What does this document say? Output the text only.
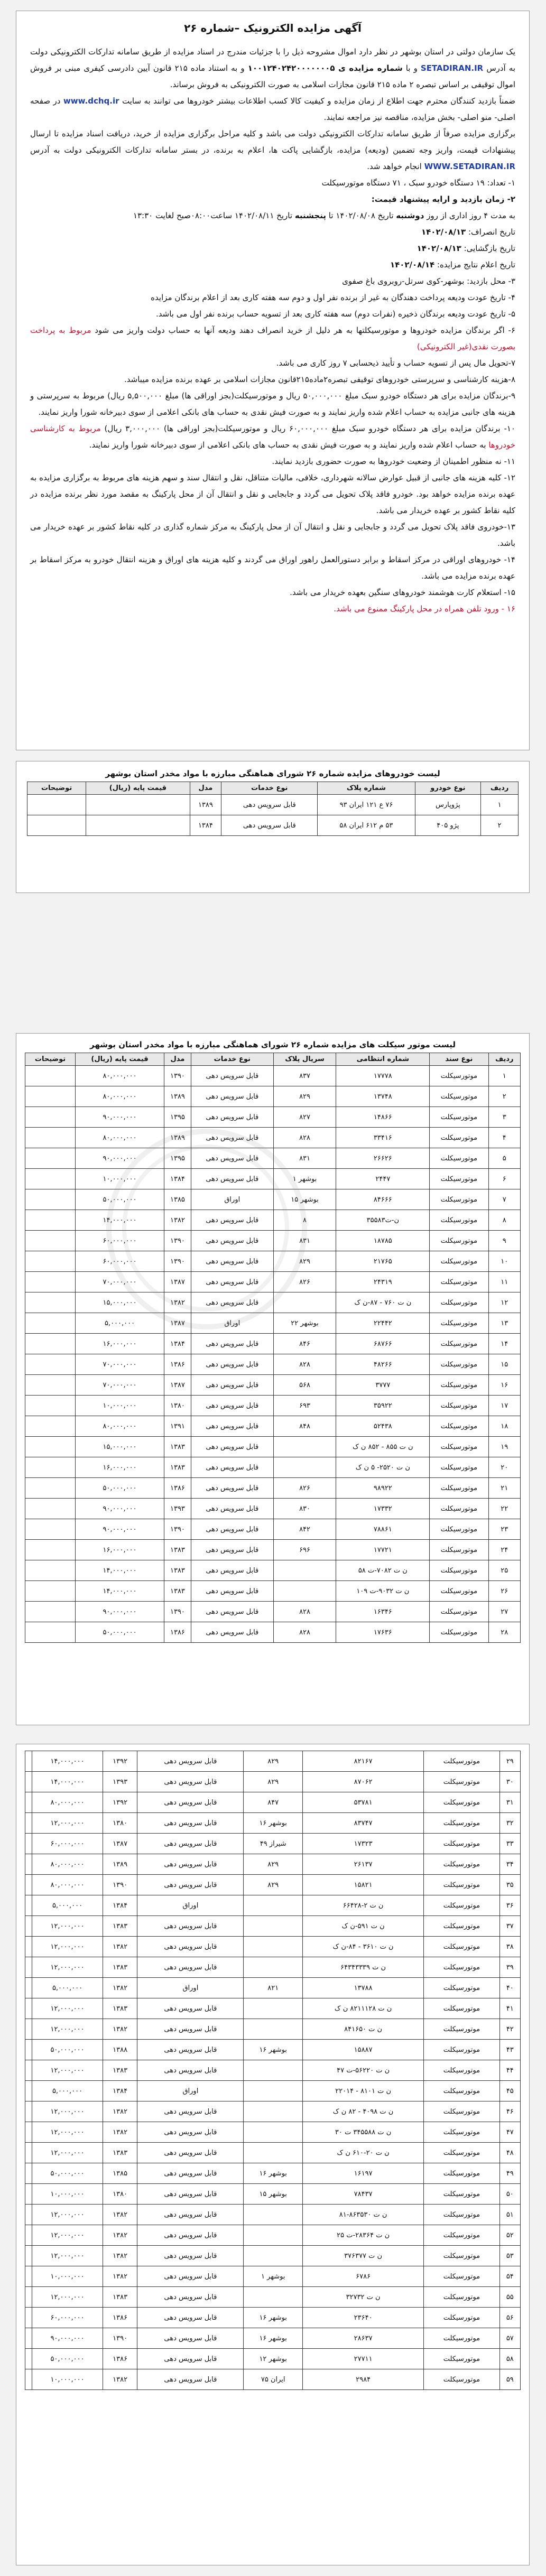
آگهی مزایده الکترونیک –شماره ۲۶

یک سازمان دولتی در استان بوشهر در نظر دارد اموال مشروحه ذیل را با جزئیات مندرج در اسناد مزایده از طریق سامانه تدارکات الکترونیکی دولت به آدرس SETADIRAN.IR و با شماره مزایده ی ۱۰۰۱۲۴۰۲۴۲۰۰۰۰۰۰۰۵ و به استناد ماده ۲۱۵ قانون آیین دادرسی کیفری مبنی بر فروش اموال توقیفی بر اساس تبصره ۲ ماده ۲۱۵ قانون مجازات اسلامی به صورت الکترونیکی به فروش برساند.

ضمناً بازدید کنندگان محترم جهت اطلاع از زمان مزایده و کیفیت کالا کسب اطلاعات بیشتر خودروها می توانند به سایت www.dchq.ir در صفحه اصلی- منو اصلی- بخش مزایده، مناقصه نیز مراجعه نمایند.

برگزاری مزایده صرفاً از طریق سامانه تدارکات الکترونیکی دولت می باشد و کلیه مراحل برگزاری مزایده از خرید، دریافت اسناد مزایده تا ارسال پیشنهادات قیمت، واریز وجه تضمین (ودیعه) مزایده، بازگشایی پاکت ها، اعلام به برنده، در بستر سامانه تدارکات الکترونیکی دولت به آدرس WWW.SETADIRAN.IR انجام خواهد شد.

۱- تعداد: ۱۹ دستگاه خودرو سبک ، ۷۱ دستگاه موتورسیکلت

۲- زمان بازدید و ارایه پیشنهاد قیمت:

به مدت ۴ روز اداری از روز دوشنبه تاریخ ۱۴۰۲/۰۸/۰۸ تا پنجشنبه تاریخ ۱۴۰۲/۰۸/۱۱ ساعت۰۸:۰۰صبح لغایت ۱۳:۳۰

تاریخ انصراف: ۱۴۰۲/۰۸/۱۳

تاریخ بازگشایی: ۱۴۰۲/۰۸/۱۳

تاریخ اعلام نتایج مزایده: ۱۴۰۲/۰۸/۱۴

۳- محل بازدید: بوشهر-کوی سرتل-روبروی باغ صفوی

۴- تاریخ عودت ودیعه پرداخت دهندگان به غیر از برنده نفر اول و دوم سه هفته کاری بعد از اعلام برندگان مزایده

۵- تاریخ عودت ودیعه برندگان ذخیره (نفرات دوم) سه هفته کاری بعد از تسویه حساب برنده نفر اول می باشد.

۶- اگر برندگان مزایده خودروها و موتورسیکلتها به هر دلیل از خرید انصراف دهند ودیعه آنها به حساب دولت واریز می شود مربوط به پرداخت بصورت نقدی(غیر الکترونیکی)

۷-تحویل مال پس از تسویه حساب و تأیید ذیحسابی ۷ روز کاری می باشد.

۸-هزینه کارشناسی و سرپرستی خودروهای توقیفی تبصره۲ماده۲۱۵قانون مجازات اسلامی بر عهده برنده مزایده میباشد.

۹-برندگان مزایده برای هر دستگاه خودرو سبک مبلغ ۵۰,۰۰۰,۰۰۰ ریال و موتورسیکلت(بجز اوراقی ها) مبلغ ۵,۵۰۰,۰۰۰ ریال) مربوط به سرپرستی و هزینه های جانبی مزایده به حساب اعلام شده واریز نمایند و به صورت فیش نقدی به حساب های بانکی اعلامی از سوی دبیرخانه شورا واریز نمایند.

۱۰- برندگان مزایده برای هر دستگاه خودرو سبک مبلغ ۶۰,۰۰۰,۰۰۰ ریال و موتورسیکلت(بجز اوراقی ها) ۳,۰۰۰,۰۰۰ ریال) مربوط به کارشناسی خودروها به حساب اعلام شده واریز نمایند و به صورت فیش نقدی به حساب های بانکی اعلامی از سوی دبیرخانه شورا واریز نمایند.

۱۱- نه منظور اطمینان از وضعیت خودروها به صورت حضوری بازدید نمایند.

۱۲- کلیه هزینه های جانبی از قبیل عوارض سالانه شهرداری، خلافی، مالیات متناقل، نقل و انتقال سند و سهم هزینه های مربوط به برگزاری مزایده به عهده برنده مزایده خواهد بود. خودرو فاقد پلاک تحویل می گردد و جابجایی و نقل و انتقال آن از محل پارکینگ به مقصد مورد نظر برنده مزایده در کلیه نقاط کشور بر عهده خریدار می باشد.

۱۳-خودروی فاقد پلاک تحویل می گردد و جابجایی و نقل و انتقال آن از محل پارکینگ به مرکز شماره گذاری در کلیه نقاط کشور بر عهده خریدار می باشد.

۱۴- خودروهای اوراقی در مرکز اسقاط و برابر دستورالعمل راهور اوراق می گردند و کلیه هزینه های اوراق و هزینه انتقال خودرو به مرکز اسقاط بر عهده برنده مزایده می باشد.

۱۵- استعلام کارت هوشمند خودروهای سنگین بعهده خریدار می باشد.

۱۶ - ورود تلفن همراه در محل پارکینگ ممنوع می باشد.

لیست خودروهای مزایده شماره ۲۶ شورای هماهنگی مبارزه با مواد مخدر استان بوشهر
ردیف	نوع خودرو	شماره پلاک	نوع خدمات	مدل	قیمت پایه (ریال)	توضیحات
۱	پژوپارس	۷۶ ع ۱۲۱ ایران ۹۳	قابل سرویس دهی	۱۳۸۹		
۲	پژو ۴۰۵	۵۳ م ۶۱۲ ایران ۵۸	قابل سرویس دهی	۱۳۸۴		
لیست موتور سیکلت های مزایده شماره ۲۶ شورای هماهنگی مبارزه با مواد مخدر استان بوشهر
ردیف	نوع سند	شماره انتظامی	سریال پلاک	نوع خدمات	مدل	قیمت پایه (ریال)	توضیحات
۱	موتورسیکلت	۱۷۷۷۸	۸۳۷	قابل سرویس دهی	۱۳۹۰	۸۰,۰۰۰,۰۰۰	
۲	موتورسیکلت	۱۳۷۴۸	۸۲۹	قابل سرویس دهی	۱۳۸۹	۸۰,۰۰۰,۰۰۰	
۳	موتورسیکلت	۱۴۸۶۶	۸۲۷	قابل سرویس دهی	۱۳۹۵	۹۰,۰۰۰,۰۰۰	
۴	موتورسیکلت	۳۳۴۱۶	۸۲۸	قابل سرویس دهی	۱۳۸۹	۸۰,۰۰۰,۰۰۰	
۵	موتورسیکلت	۲۶۶۲۶	۸۳۱	قابل سرویس دهی	۱۳۹۵	۹۰,۰۰۰,۰۰۰	
۶	موتورسیکلت	۲۴۴۷	بوشهر ۱	قابل سرویس دهی	۱۳۸۴	۱۰,۰۰۰,۰۰۰	
۷	موتورسیکلت	۸۴۶۶۶	بوشهر ۱۵	اوراق	۱۳۸۵	۵۰,۰۰۰,۰۰۰	
۸	موتورسیکلت	ن-ت۳۵۵۸۳	۸	قابل سرویس دهی	۱۳۸۲	۱۴,۰۰۰,۰۰۰	
۹	موتورسیکلت	۱۸۷۸۵	۸۳۱	قابل سرویس دهی	۱۳۹۰	۶۰,۰۰۰,۰۰۰	
۱۰	موتورسیکلت	۲۱۷۶۵	۸۲۹	قابل سرویس دهی	۱۳۹۰	۶۰,۰۰۰,۰۰۰	
۱۱	موتورسیکلت	۲۴۳۱۹	۸۲۶	قابل سرویس دهی	۱۳۸۷	۷۰,۰۰۰,۰۰۰	
۱۲	موتورسیکلت	ن ت ۷۶۰ - ۸۷-ن ک		قابل سرویس دهی	۱۳۸۲	۱۵,۰۰۰,۰۰۰	
۱۳	موتورسیکلت	۲۲۴۴۲	بوشهر ۲۲	اوراق	۱۳۸۷	۵,۰۰۰,۰۰۰	
۱۴	موتورسیکلت	۶۸۷۶۶	۸۴۶	قابل سرویس دهی	۱۳۸۴	۱۶,۰۰۰,۰۰۰	
۱۵	موتورسیکلت	۴۸۲۶۶	۸۲۸	قابل سرویس دهی	۱۳۸۶	۷۰,۰۰۰,۰۰۰	
۱۶	موتورسیکلت	۳۷۷۷	۵۶۸	قابل سرویس دهی	۱۳۸۷	۷۰,۰۰۰,۰۰۰	
۱۷	موتورسیکلت	۳۵۹۲۲	۶۹۳	قابل سرویس دهی	۱۳۸۰	۱۰,۰۰۰,۰۰۰	
۱۸	موتورسیکلت	۵۲۴۳۸	۸۴۸	قابل سرویس دهی	۱۳۹۱	۸۰,۰۰۰,۰۰۰	
۱۹	موتورسیکلت	ن ت ۸۵۵ - ۸۵۲ ن ک		قابل سرویس دهی	۱۳۸۳	۱۵,۰۰۰,۰۰۰	
۲۰	موتورسیکلت	ن ت ۲۵۲۰- ۵ ن ک		قابل سرویس دهی	۱۳۸۳	۱۶,۰۰۰,۰۰۰	
۲۱	موتورسیکلت	۹۸۹۲۲	۸۲۶	قابل سرویس دهی	۱۳۸۶	۵۰,۰۰۰,۰۰۰	
۲۲	موتورسیکلت	۱۷۳۳۲	۸۳۰	قابل سرویس دهی	۱۳۹۳	۹۰,۰۰۰,۰۰۰	
۲۳	موتورسیکلت	۷۸۸۶۱	۸۴۲	قابل سرویس دهی	۱۳۹۰	۹۰,۰۰۰,۰۰۰	
۲۴	موتورسیکلت	۱۷۷۲۱	۶۹۶	قابل سرویس دهی	۱۳۸۳	۱۶,۰۰۰,۰۰۰	
۲۵	موتورسیکلت	ن ت ۷۰۸۲-ت ۵۸		قابل سرویس دهی	۱۳۸۳	۱۴,۰۰۰,۰۰۰	
۲۶	موتورسیکلت	ن ت ۹۰۳۲-ت ۱۰۹		قابل سرویس دهی	۱۳۸۳	۱۴,۰۰۰,۰۰۰	
۲۷	موتورسیکلت	۱۶۳۴۶	۸۲۸	قابل سرویس دهی	۱۳۹۰	۹۰,۰۰۰,۰۰۰	
۲۸	موتورسیکلت	۱۷۶۳۶	۸۲۸	قابل سرویس دهی	۱۳۸۶	۵۰,۰۰۰,۰۰۰	
۲۹	موتورسیکلت	۸۲۱۶۷	۸۲۹	قابل سرویس دهی	۱۳۹۲	۱۴,۰۰۰,۰۰۰	
۳۰	موتورسیکلت	۸۷۰۶۲	۸۲۹	قابل سرویس دهی	۱۳۹۳	۱۴,۰۰۰,۰۰۰	
۳۱	موتورسیکلت	۵۳۷۸۱	۸۴۷	قابل سرویس دهی	۱۳۹۲	۸۰,۰۰۰,۰۰۰	
۳۲	موتورسیکلت	۸۳۷۴۷	بوشهر ۱۶	قابل سرویس دهی	۱۳۸۰	۱۲,۰۰۰,۰۰۰	
۳۳	موتورسیکلت	۱۷۳۲۳	شیراز ۴۹	قابل سرویس دهی	۱۳۸۷	۶۰,۰۰۰,۰۰۰	
۳۴	موتورسیکلت	۲۶۱۳۷	۸۲۹	قابل سرویس دهی	۱۳۸۹	۸۰,۰۰۰,۰۰۰	
۳۵	موتورسیکلت	۱۵۸۲۱	۸۲۹	قابل سرویس دهی	۱۳۹۰	۸۰,۰۰۰,۰۰۰	
۳۶	موتورسیکلت	ن ت ۲-۶۶۴۲۸		اوراق	۱۳۸۴	۵,۰۰۰,۰۰۰	
۳۷	موتورسیکلت	ن ت ۵۹۱-ن ک		قابل سرویس دهی	۱۳۸۳	۱۲,۰۰۰,۰۰۰	
۳۸	موتورسیکلت	ن ت ۳۶۱۰ - ۸۴-ن ک		قابل سرویس دهی	۱۳۸۲	۱۲,۰۰۰,۰۰۰	
۳۹	موتورسیکلت	ن ت ۶۴۳۴۳۳۳۹		قابل سرویس دهی	۱۳۸۳	۱۲,۰۰۰,۰۰۰	
۴۰	موتورسیکلت	۱۳۷۸۸	۸۲۱	اوراق	۱۳۸۲	۵,۰۰۰,۰۰۰	
۴۱	موتورسیکلت	ن ت ۸۲۱۱۱۲۸ ن ک		قابل سرویس دهی	۱۳۸۳	۱۲,۰۰۰,۰۰۰	
۴۲	موتورسیکلت	ن ت ۸۴۱۶۵۰		قابل سرویس دهی	۱۳۸۲	۱۲,۰۰۰,۰۰۰	
۴۳	موتورسیکلت	۱۵۸۸۷	بوشهر ۱۶	قابل سرویس دهی	۱۳۸۸	۵۰,۰۰۰,۰۰۰	
۴۴	موتورسیکلت	ن ت ۵۶۲۲۰-ت ۴۷		قابل سرویس دهی	۱۳۸۳	۱۲,۰۰۰,۰۰۰	
۴۵	موتورسیکلت	ن ت ۸۱۰۱ - ۲۲۰۱۴		اوراق	۱۳۸۴	۵,۰۰۰,۰۰۰	
۴۶	موتورسیکلت	ن ت ۴۰۹۸ - ۸۲ ن ک		قابل سرویس دهی	۱۳۸۲	۱۲,۰۰۰,۰۰۰	
۴۷	موتورسیکلت	ن ت ۳۴۵۵۸۸ ت ۳۰		قابل سرویس دهی	۱۳۸۲	۱۲,۰۰۰,۰۰۰	
۴۸	موتورسیکلت	ن ت ۲۰-۶۱۰ ن ک		قابل سرویس دهی	۱۳۸۳	۱۲,۰۰۰,۰۰۰	
۴۹	موتورسیکلت	۱۶۱۹۷	بوشهر ۱۶	قابل سرویس دهی	۱۳۸۵	۵۰,۰۰۰,۰۰۰	
۵۰	موتورسیکلت	۷۸۴۳۷	بوشهر ۱۵	قابل سرویس دهی	۱۳۸۰	۱۰,۰۰۰,۰۰۰	
۵۱	موتورسیکلت	ن ت ۸۶۳۵۳۰-۸۱		قابل سرویس دهی	۱۳۸۲	۱۲,۰۰۰,۰۰۰	
۵۲	موتورسیکلت	ن ت ۲۸۳۶۴-ت ۲۵		قابل سرویس دهی	۱۳۸۲	۱۲,۰۰۰,۰۰۰	
۵۳	موتورسیکلت	ن ت ۳۷۶۳۷۷		قابل سرویس دهی	۱۳۸۲	۱۲,۰۰۰,۰۰۰	
۵۴	موتورسیکلت	۶۷۸۶	بوشهر ۱	قابل سرویس دهی	۱۳۸۲	۱۰,۰۰۰,۰۰۰	
۵۵	موتورسیکلت	ن ت ۳۲۷۳۲		قابل سرویس دهی	۱۳۸۳	۱۲,۰۰۰,۰۰۰	
۵۶	موتورسیکلت	۲۳۶۴۰	بوشهر ۱۶	قابل سرویس دهی	۱۳۸۶	۶۰,۰۰۰,۰۰۰	
۵۷	موتورسیکلت	۲۸۶۳۷	بوشهر ۱۶	قابل سرویس دهی	۱۳۹۰	۹۰,۰۰۰,۰۰۰	
۵۸	موتورسیکلت	۲۷۷۱۱	بوشهر ۱۲	قابل سرویس دهی	۱۳۸۶	۵۰,۰۰۰,۰۰۰	
۵۹	موتورسیکلت	۲۹۸۴	ایران ۷۵	قابل سرویس دهی	۱۳۸۲	۱۰,۰۰۰,۰۰۰	
